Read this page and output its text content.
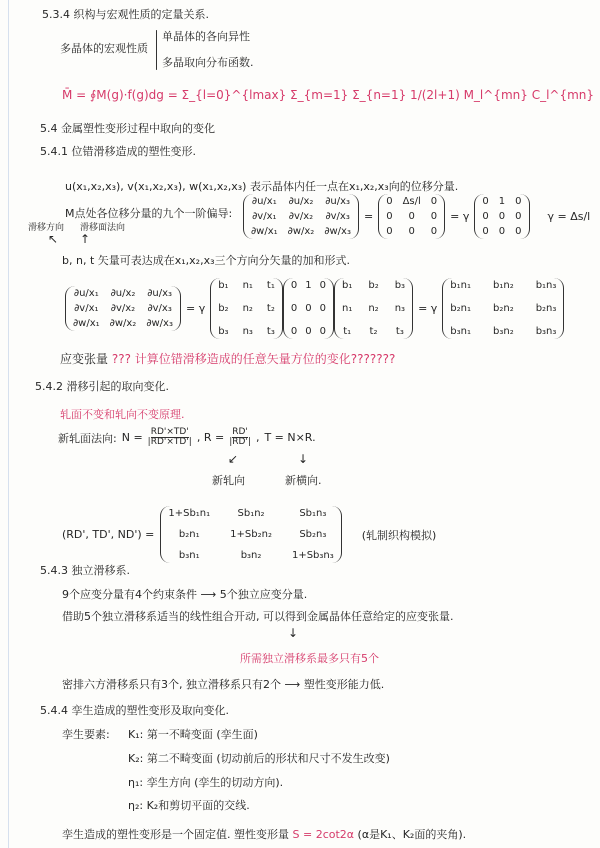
5.3.4 织构与宏观性质的定量关系.
多晶体的宏观性质
单晶体的各向异性
多晶取向分布函数.
M̄ = ∮M(g)·f(g)dg = Σ_{l=0}^{lmax} Σ_{m=1} Σ_{n=1} 1/(2l+1) M_l^{mn} C_l^{mn}
5.4 金属塑性变形过程中取向的变化
5.4.1 位错滑移造成的塑性变形.
u(x₁,x₂,x₃), v(x₁,x₂,x₃), w(x₁,x₂,x₃) 表示晶体内任一点在x₁,x₂,x₃向的位移分量.
M点处各位移分量的九个一阶偏导:
∂u/x₁ ∂u/x₂ ∂u/x₃
∂v/x₁ ∂v/x₂ ∂v/x₃
∂w/x₁ ∂w/x₂ ∂w/x₃
=
0 Δs/l 0
0	0	0
0	0	0
= γ
0 1 0
0 0 0
0 0 0
γ = Δs/l
滑移方向 滑移面法向
↖ ↑
b, n, t 矢量可表达成在x₁,x₂,x₃三个方向分矢量的加和形式.
∂u/x₁ ∂u/x₂ ∂u/x₃
∂v/x₁ ∂v/x₂ ∂v/x₃
∂w/x₁ ∂w/x₂ ∂w/x₃
= γ
b₁ n₁ t₁
b₂ n₂ t₂
b₃ n₃ t₃
0 1 0
0 0 0
0 0 0
b₁ b₂ b₃
n₁ n₂ n₃
t₁ t₂ t₃
= γ
b₁n₁ b₁n₂ b₁n₃
b₂n₁ b₂n₂ b₂n₃
b₃n₁ b₃n₂ b₃n₃
应变张量 ??? 计算位错滑移造成的任意矢量方位的变化???????
5.4.2 滑移引起的取向变化.
轧面不变和轧向不变原理.
新轧面法向: $N = \frac{RD'\times TD'}{|RD'\times TD'|}$ , $R = \frac{RD'}{|RD'|}$ , T = N×R.
↙	↓
新轧向	新横向.
(RD', TD', ND') =
1+Sb₁n₁	Sb₁n₂	Sb₁n₃
b₂n₁	1+Sb₂n₂	Sb₂n₃
b₃n₁	b₃n₂	1+Sb₃n₃
(轧制织构模拟)
5.4.3 独立滑移系.
9个应变分量有4个约束条件 ⟶ 5个独立应变分量.
借助5个独立滑移系适当的线性组合开动, 可以得到金属晶体任意给定的应变张量.
↓
所需独立滑移系最多只有5个
密排六方滑移系只有3个, 独立滑移系只有2个 ⟶ 塑性变形能力低.
5.4.4 孪生造成的塑性变形及取向变化.
孪生要素: K₁: 第一不畸变面 (孪生面)
K₂: 第二不畸变面 (切动前后的形状和尺寸不发生改变)
η₁: 孪生方向 (孪生的切动方向).
η₂: K₂和剪切平面的交线.
孪生造成的塑性变形是一个固定值. 塑性变形量 S = 2cot2α (α是K₁、K₂面的夹角).
